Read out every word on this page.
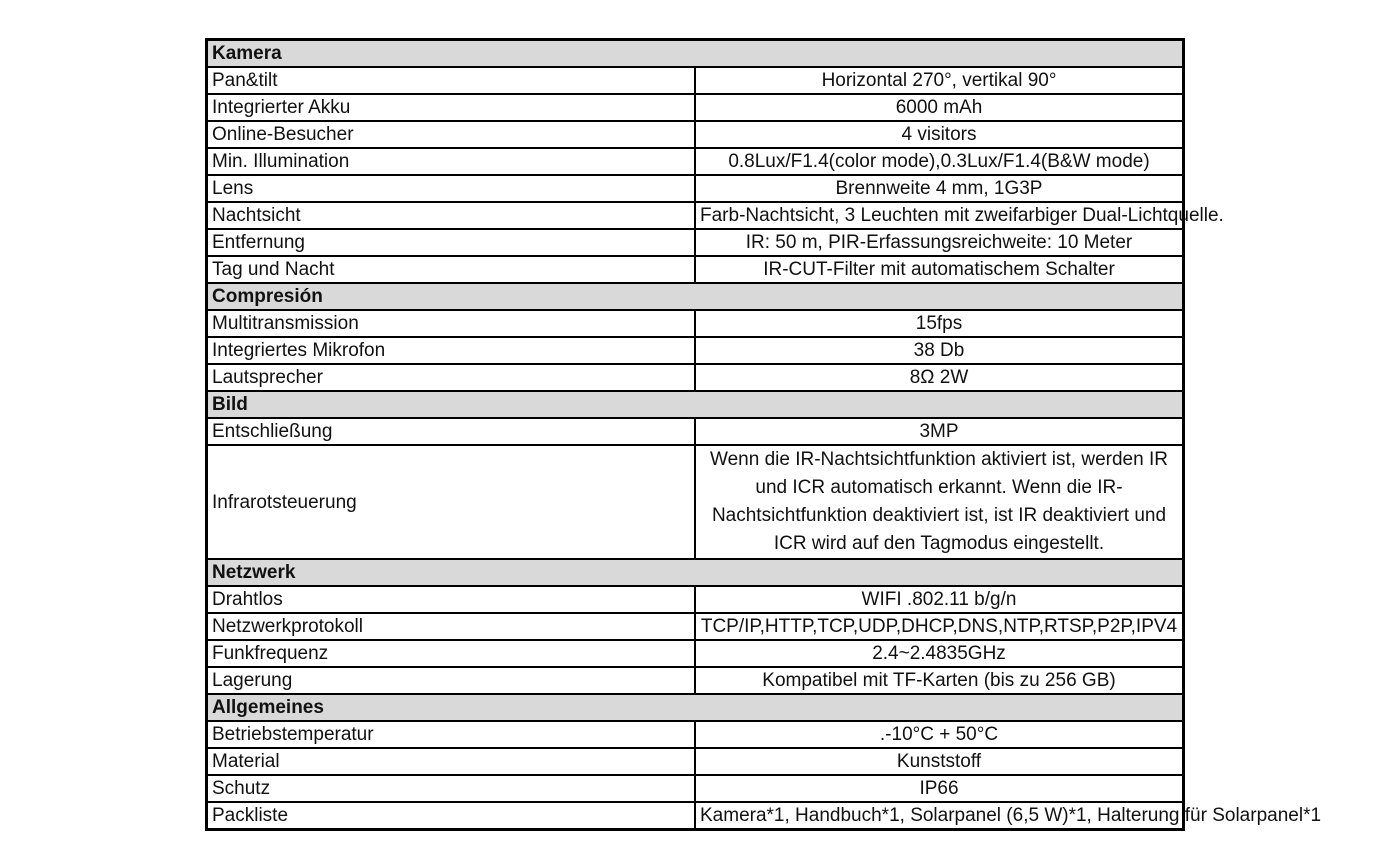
Kamera	
Pan&tilt	Horizontal 270°, vertikal 90°
Integrierter Akku	6000 mAh
Online-Besucher	4 visitors
Min. Illumination	0.8Lux/F1.4(color mode),0.3Lux/F1.4(B&W mode)
Lens	Brennweite 4 mm, 1G3P
Nachtsicht	Farb-Nachtsicht, 3 Leuchten mit zweifarbiger Dual-Lichtquelle.
Entfernung	IR: 50 m, PIR-Erfassungsreichweite: 10 Meter
Tag und Nacht	IR-CUT-Filter mit automatischem Schalter
Compresión	
Multitransmission	15fps
Integriertes Mikrofon	38 Db
Lautsprecher	8Ω 2W
Bild	
Entschließung	3MP
Infrarotsteuerung	Wenn die IR-Nachtsichtfunktion aktiviert ist, werden IR und ICR automatisch erkannt. Wenn die IR-Nachtsichtfunktion deaktiviert ist, ist IR deaktiviert und ICR wird auf den Tagmodus eingestellt.
Netzwerk	
Drahtlos	WIFI .802.11 b/g/n
Netzwerkprotokoll	TCP/IP,HTTP,TCP,UDP,DHCP,DNS,NTP,RTSP,P2P,IPV4
Funkfrequenz	2.4~2.4835GHz
Lagerung	Kompatibel mit TF-Karten (bis zu 256 GB)
Allgemeines	
Betriebstemperatur	.-10°C + 50°C
Material	Kunststoff
Schutz	IP66
Packliste	Kamera*1, Handbuch*1, Solarpanel (6,5 W)*1, Halterung für Solarpanel*1
